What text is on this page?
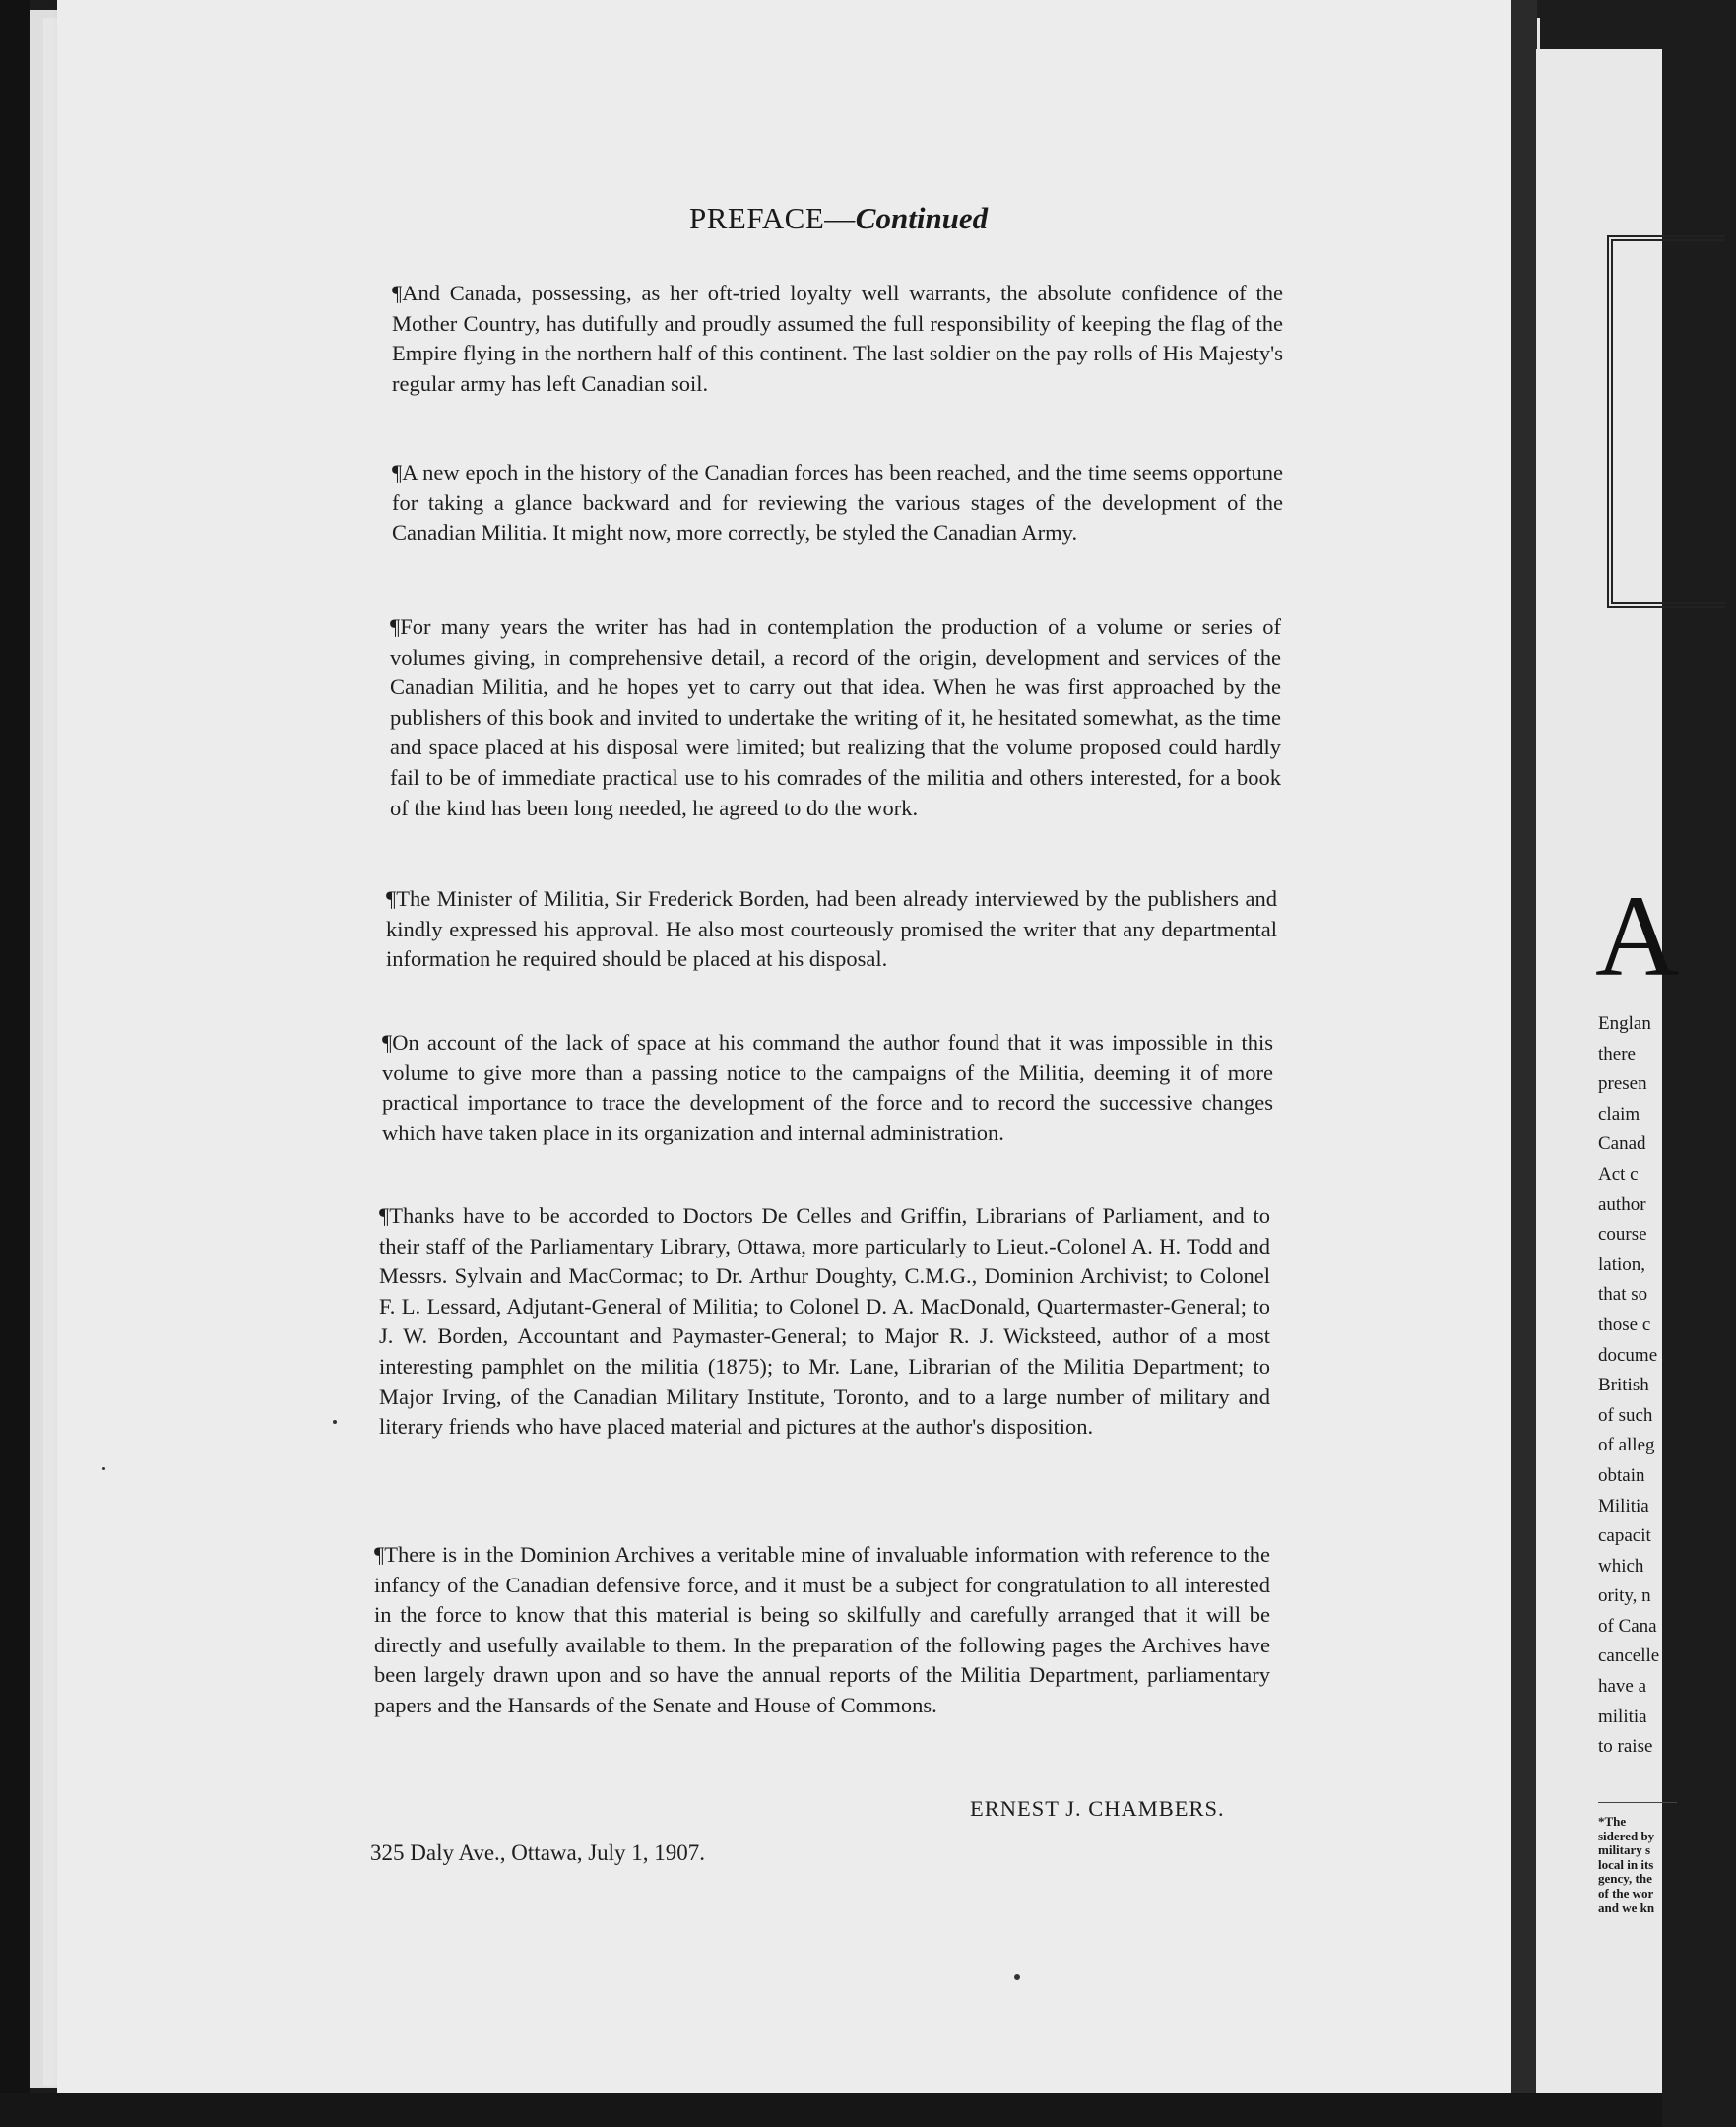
PREFACE—Continued

¶And Canada, possessing, as her oft-tried loyalty well warrants, the absolute confidence of the Mother Country, has dutifully and proudly assumed the full responsibility of keeping the flag of the Empire flying in the northern half of this continent. The last soldier on the pay rolls of His Majesty's regular army has left Canadian soil.

¶A new epoch in the history of the Canadian forces has been reached, and the time seems opportune for taking a glance backward and for reviewing the various stages of the development of the Canadian Militia. It might now, more correctly, be styled the Canadian Army.

¶For many years the writer has had in contemplation the production of a volume or series of volumes giving, in comprehensive detail, a record of the origin, development and services of the Canadian Militia, and he hopes yet to carry out that idea. When he was first approached by the publishers of this book and invited to undertake the writing of it, he hesitated somewhat, as the time and space placed at his disposal were limited; but realizing that the volume proposed could hardly fail to be of immediate practical use to his comrades of the militia and others interested, for a book of the kind has been long needed, he agreed to do the work.

¶The Minister of Militia, Sir Frederick Borden, had been already interviewed by the publishers and kindly expressed his approval. He also most courteously promised the writer that any departmental information he required should be placed at his disposal.

¶On account of the lack of space at his command the author found that it was impossible in this volume to give more than a passing notice to the campaigns of the Militia, deeming it of more practical importance to trace the development of the force and to record the successive changes which have taken place in its organization and internal administration.

¶Thanks have to be accorded to Doctors De Celles and Griffin, Librarians of Parliament, and to their staff of the Parliamentary Library, Ottawa, more particularly to Lieut.-Colonel A. H. Todd and Messrs. Sylvain and MacCormac; to Dr. Arthur Doughty, C.M.G., Dominion Archivist; to Colonel F. L. Lessard, Adjutant-General of Militia; to Colonel D. A. MacDonald, Quartermaster-General; to J. W. Borden, Accountant and Paymaster-General; to Major R. J. Wicksteed, author of a most interesting pamphlet on the militia (1875); to Mr. Lane, Librarian of the Militia Department; to Major Irving, of the Canadian Military Institute, Toronto, and to a large number of military and literary friends who have placed material and pictures at the author's disposition.

¶There is in the Dominion Archives a veritable mine of invaluable information with reference to the infancy of the Canadian defensive force, and it must be a subject for congratulation to all interested in the force to know that this material is being so skilfully and carefully arranged that it will be directly and usefully available to them. In the preparation of the following pages the Archives have been largely drawn upon and so have the annual reports of the Militia Department, parliamentary papers and the Hansards of the Senate and House of Commons.

ERNEST J. CHAMBERS.
325 Daly Ave., Ottawa, July 1, 1907.
A
Englan
there
presen
claim
Canad
Act c
author
course
lation,
that so
those c
docume
British
of such
of alleg
obtain
Militia
capacit
which
ority, n
of Cana
cancelle
have a
militia
to raise
*The
sidered by
military s
local in its
gency, the
of the wor
and we kn
